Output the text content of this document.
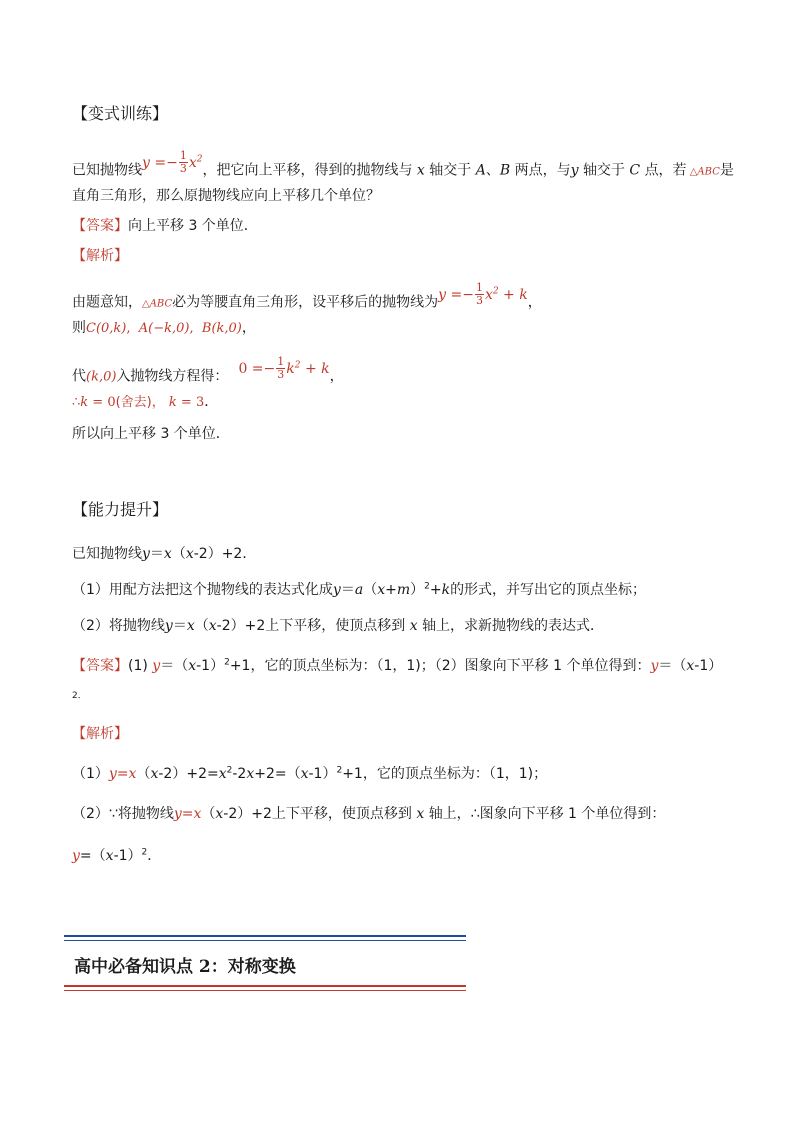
【变式训练】
已知抛物线$y =- \frac{1}{3} x^2$，把它向上平移，得到的抛物线与 x 轴交于 A、B 两点，与y 轴交于 C 点，若 △ABC是
直角三角形，那么原抛物线应向上平移几个单位？
【答案】向上平移 3 个单位．
【解析】
由题意知，△ABC必为等腰直角三角形，设平移后的抛物线为$y =- \frac{1}{3} x^2 + k$，
则C(0,k),  A(−k,0),  B(k,0)，
代(k,0)入抛物线方程得： $0 =- \frac{1}{3} k^2 + k$，
∴k = 0(舍去)， k = 3．
所以向上平移 3 个单位．
【能力提升】
已知抛物线y＝x（x-2）+2．
（1）用配方法把这个抛物线的表达式化成$y=a(x+m)^2+k$的形式，并写出它的顶点坐标；
（2）将抛物线y＝x（x-2）+2上下平移，使顶点移到 x 轴上，求新抛物线的表达式．
【答案】(1) $y=(x-1)^2+1$，它的顶点坐标为：（1，1)；（2）图象向下平移 1 个单位得到：y＝（x-1）
2．
【解析】
$(1)y=x(x-2)+2=x^2-2x+2=(x-1)^2+1$，它的顶点坐标为：（1，1)；
（2）∵将抛物线y=x（x-2）+2上下平移，使顶点移到 x 轴上，∴图象向下平移 1 个单位得到：
$y=(x-1)^2$．
高中必备知识点 2：对称变换
